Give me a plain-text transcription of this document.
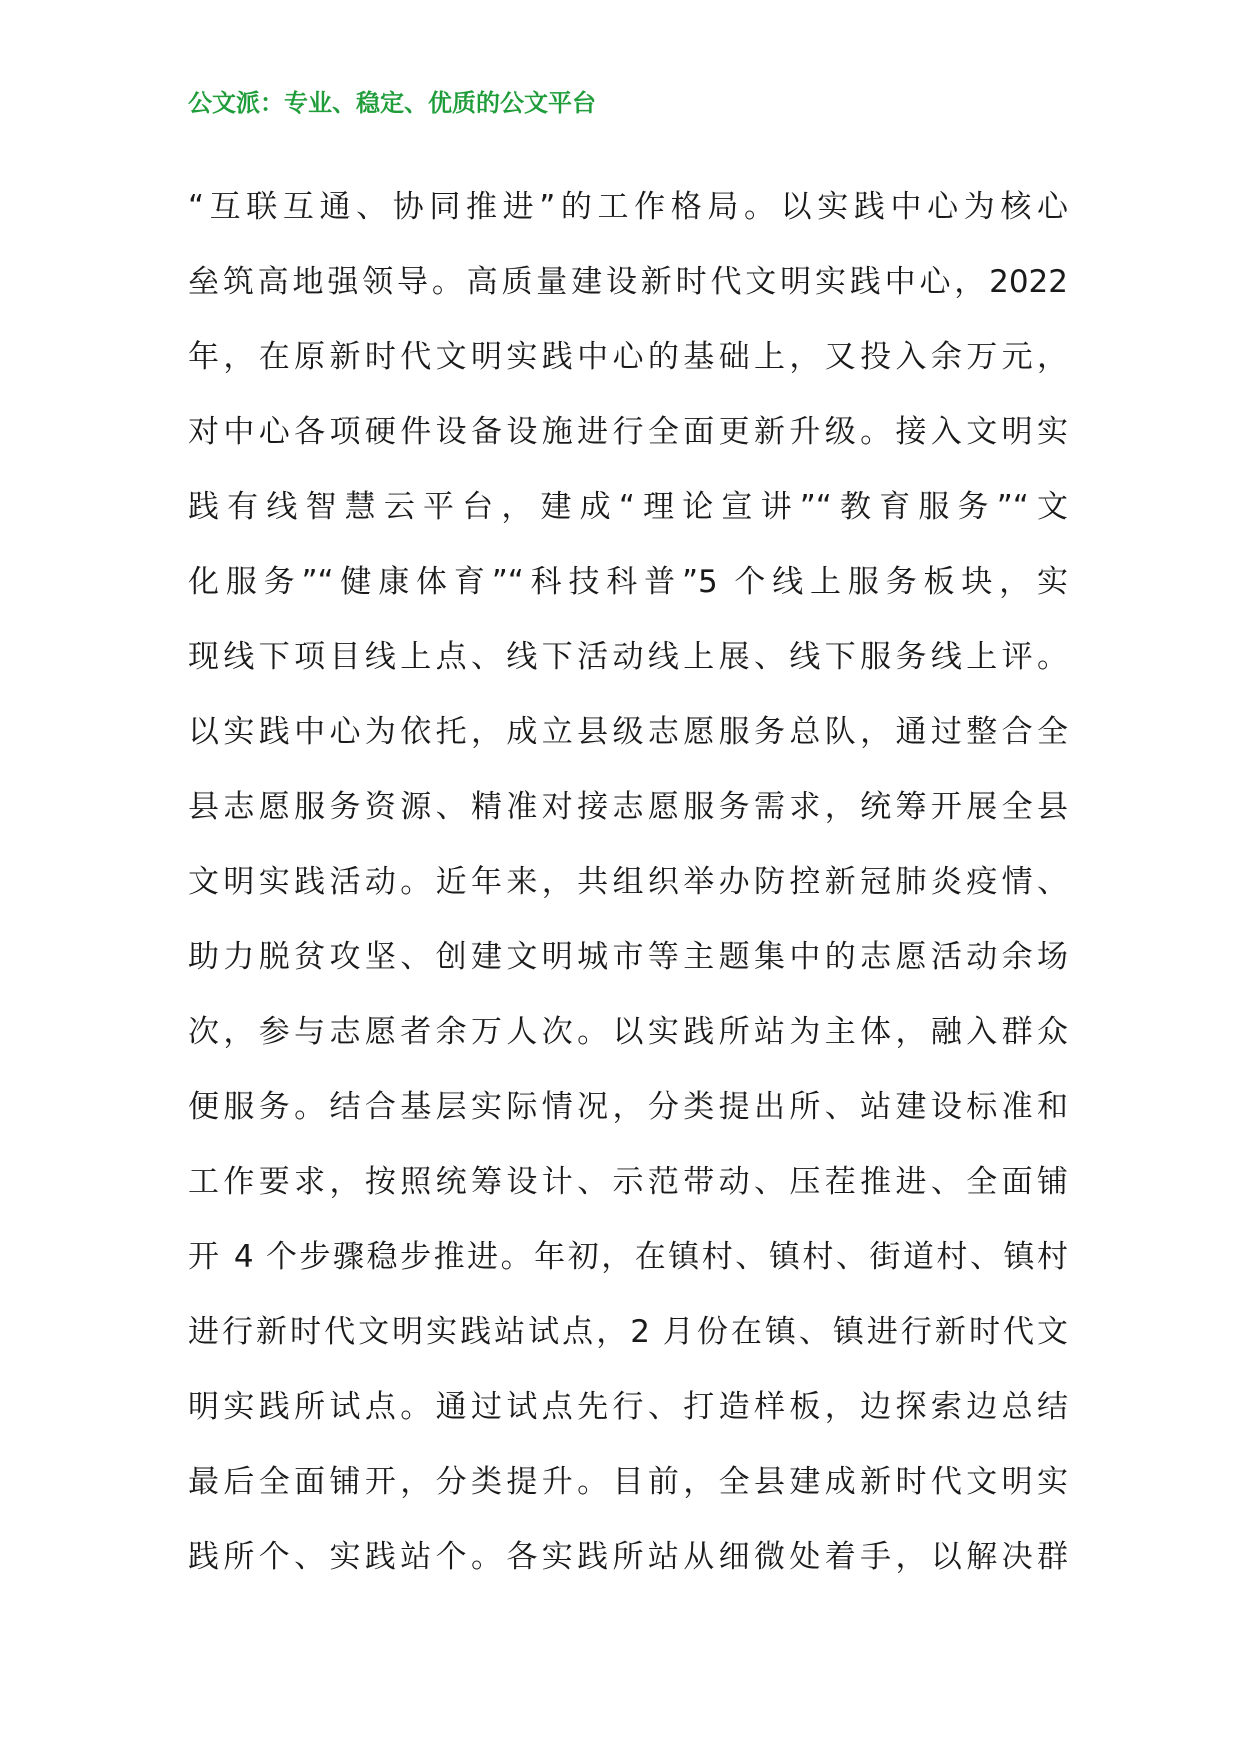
公文派：专业、稳定、优质的公文平台
“互联互通、协同推进”的工作格局。以实践中心为核心
垒筑高地强领导。高质量建设新时代文明实践中心，2022
年，在原新时代文明实践中心的基础上，又投入余万元，
对中心各项硬件设备设施进行全面更新升级。接入文明实
践有线智慧云平台，建成“理论宣讲”“教育服务”“文
化服务”“健康体育”“科技科普”5 个线上服务板块，实
现线下项目线上点、线下活动线上展、线下服务线上评。
以实践中心为依托，成立县级志愿服务总队，通过整合全
县志愿服务资源、精准对接志愿服务需求，统筹开展全县
文明实践活动。近年来，共组织举办防控新冠肺炎疫情、
助力脱贫攻坚、创建文明城市等主题集中的志愿活动余场
次，参与志愿者余万人次。以实践所站为主体，融入群众
便服务。结合基层实际情况，分类提出所、站建设标准和
工作要求，按照统筹设计、示范带动、压茬推进、全面铺
开 4 个步骤稳步推进。年初，在镇村、镇村、街道村、镇村
进行新时代文明实践站试点，2 月份在镇、镇进行新时代文
明实践所试点。通过试点先行、打造样板，边探索边总结
最后全面铺开，分类提升。目前，全县建成新时代文明实
践所个、实践站个。各实践所站从细微处着手，以解决群
